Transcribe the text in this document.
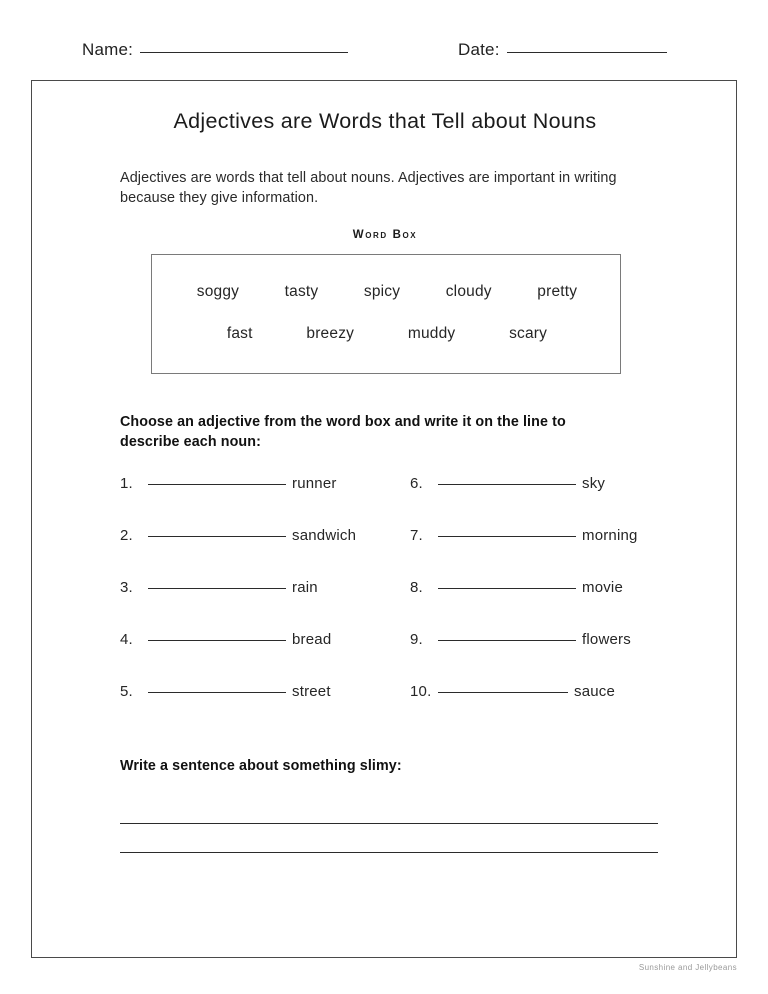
Name:	Date:
Adjectives are Words that Tell about Nouns
Adjectives are words that tell about nouns. Adjectives are important in writing because they give information.
Word Box
soggy	tasty	spicy	cloudy	pretty
fast	breezy	muddy	scary
Choose an adjective from the word box and write it on the line to describe each noun:
1.	runner
2.	sandwich
3.	rain
4.	bread
5.	street
6.	sky
7.	morning
8.	movie
9.	flowers
10.	sauce
Write a sentence about something slimy:
Sunshine and Jellybeans
